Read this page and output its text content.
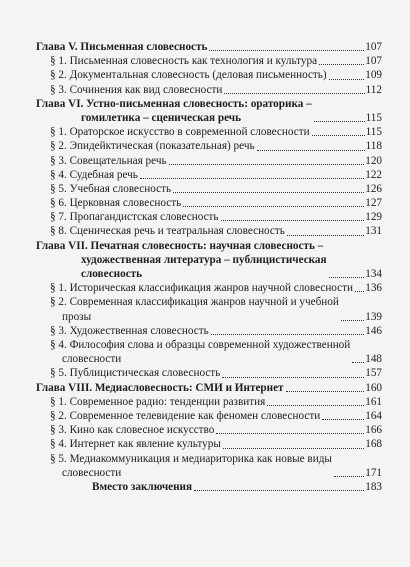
Глава V. Письменная словесность	107
§ 1. Письменная словесность как технология и культура	107
§ 2. Документальная словесность (деловая письменность)	109
§ 3. Сочинения как вид словесности	112
Глава VI. Устно-письменная словесность: ораторика –
гомилетика – сценическая речь	115
§ 1. Ораторское искусство в современной словесности	115
§ 2. Эпидейктическая (показательная) речь	118
§ 3. Совещательная речь	120
§ 4. Судебная речь	122
§ 5. Учебная словесность	126
§ 6. Церковная словесность	127
§ 7. Пропагандистская словесность	129
§ 8. Сценическая речь и театральная словесность	131
Глава VII. Печатная словесность: научная словесность –
художественная литература – публицистическая
словесность	134
§ 1. Историческая классификация жанров научной словесности 136
§ 2. Современная классификация жанров научной и учебной
прозы	139
§ 3. Художественная словесность	146
§ 4. Философия слова и образцы современной художественной
словесности	148
§ 5. Публицистическая словесность	157
Глава VIII. Медиасловесность: СМИ и Интернет	160
§ 1. Современное радио: тенденции развития	161
§ 2. Современное телевидение как феномен словесности	164
§ 3. Кино как словесное искусство	166
§ 4. Интернет как явление культуры	168
§ 5. Медиакоммуникация и медиариторика как новые виды
словесности	171
Вместо заключения	183
